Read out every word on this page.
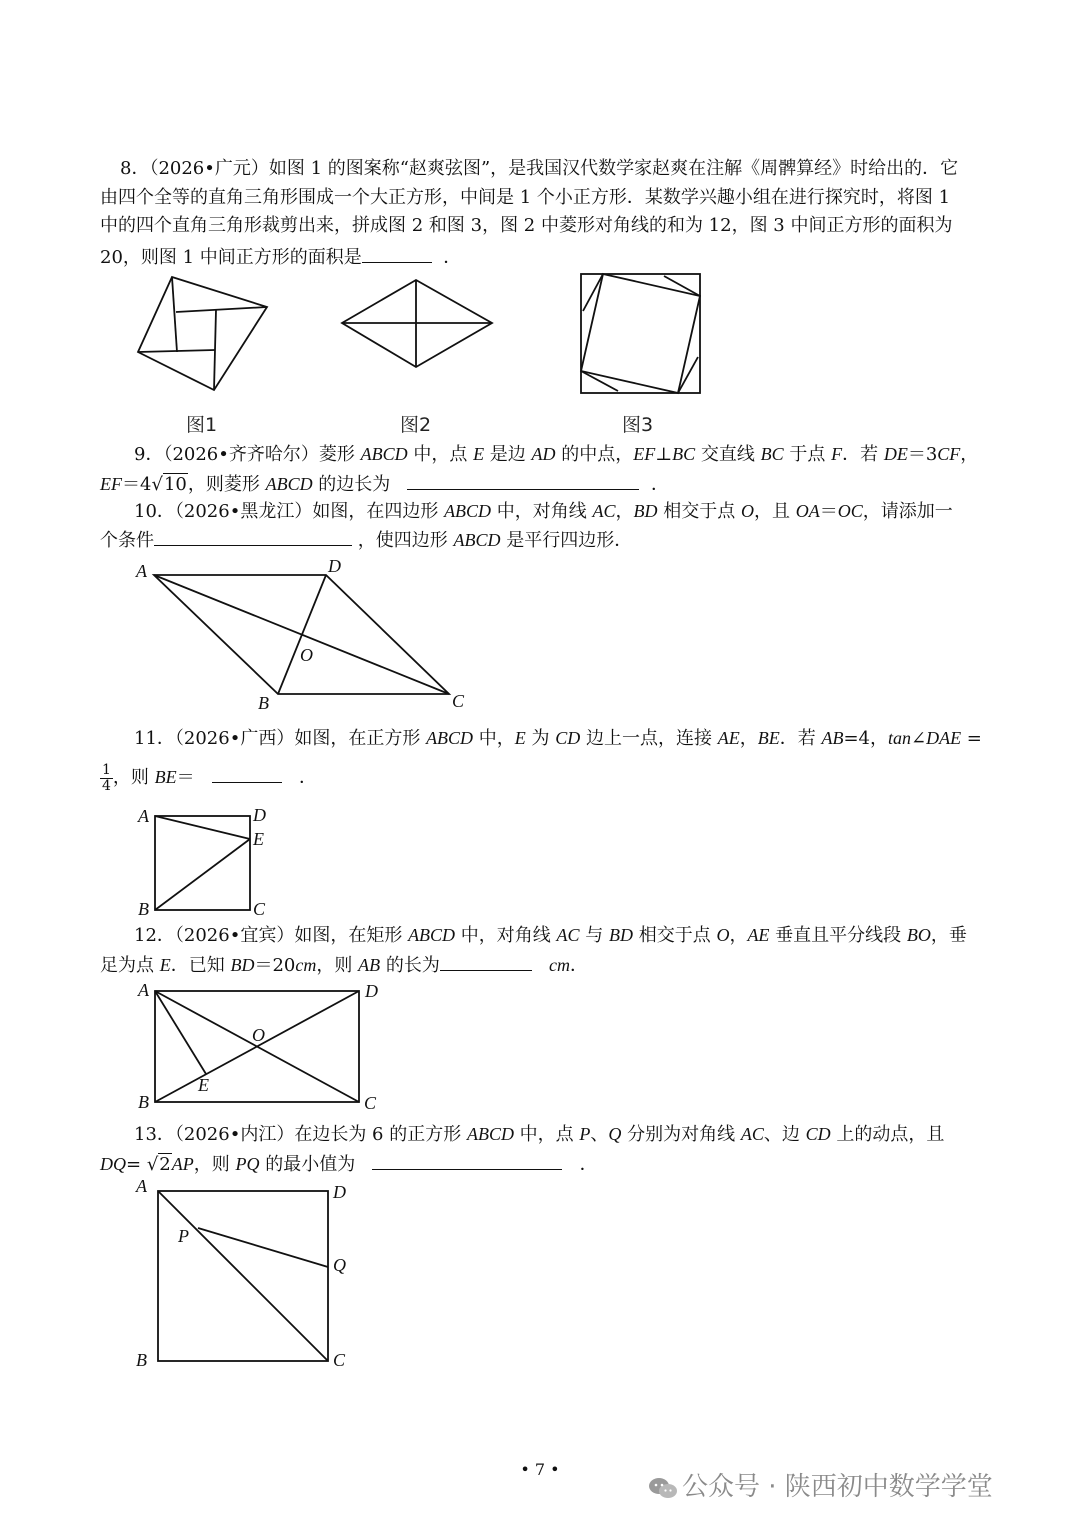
8．（2026•广元）如图 1 的图案称“赵爽弦图”，是我国汉代数学家赵爽在注解《周髀算经》时给出的．它

由四个全等的直角三角形围成一个大正方形，中间是 1 个小正方形．某数学兴趣小组在进行探究时，将图 1

中的四个直角三角形裁剪出来，拼成图 2 和图 3，图 2 中菱形对角线的和为 12，图 3 中间正方形的面积为

20，则图 1 中间正方形的面积是	．

图1	图2	图3

9．（2026•齐齐哈尔）菱形 ABCD 中，点 E 是边 AD 的中点，EF⊥BC 交直线 BC 于点 F．若 DE＝3CF，

EF＝4√10，则菱形 ABCD 的边长为	．

10．（2026•黑龙江）如图，在四边形 ABCD 中，对角线 AC，BD 相交于点 O，且 OA＝OC，请添加一

个条件	，使四边形 ABCD 是平行四边形．

A	D
O
B	C

11．（2026•广西）如图，在正方形 ABCD 中，E 为 CD 边上一点，连接 AE，BE．若 AB=4，tan∠DAE =

$\frac{1}{4}$ ，则 BE＝	．

A	D
E
B	C

12．（2026•宜宾）如图，在矩形 ABCD 中，对角线 AC 与 BD 相交于点 O，AE 垂直且平分线段 BO，垂

足为点 E．已知 BD＝20cm，则 AB 的长为	cm．

A	D
O
E
B	C

13．（2026•内江）在边长为 6 的正方形 ABCD 中，点 P、Q 分别为对角线 AC、边 CD 上的动点，且

DQ= √2AP，则 PQ 的最小值为	．

A	D
P
Q
B	C
• 7 •
公众号 · 陕西初中数学学堂
